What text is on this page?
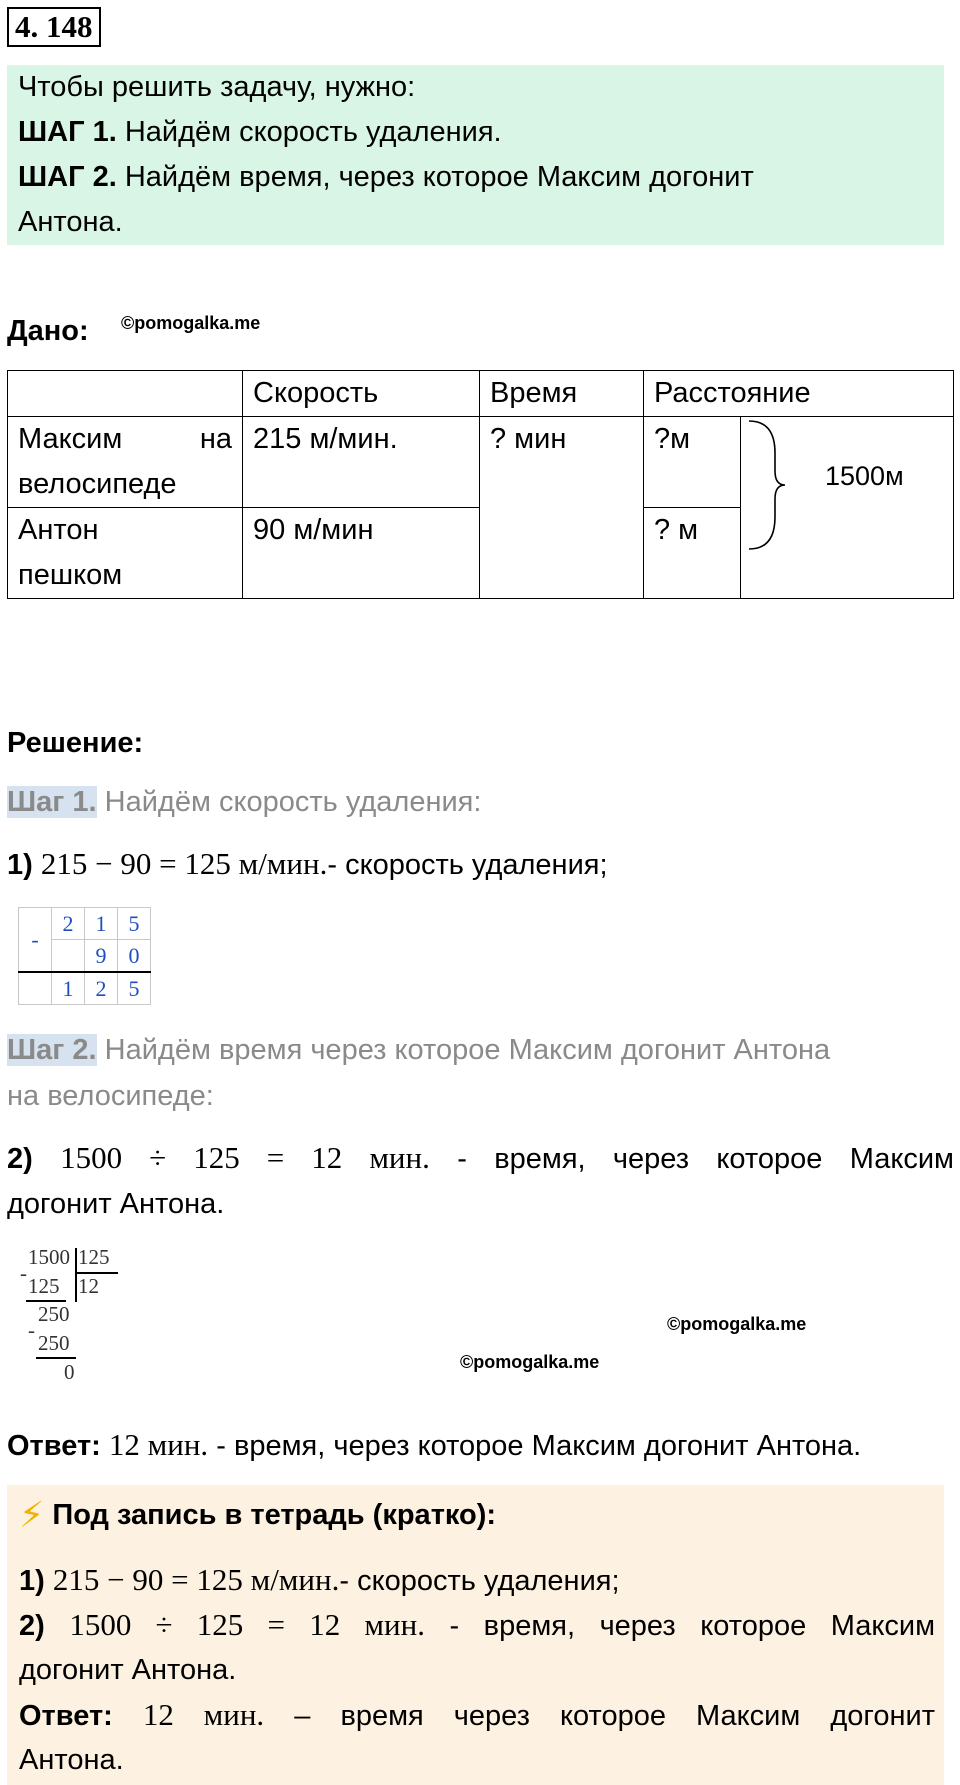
4. 148

Чтобы решить задачу, нужно:

ШАГ 1. Найдём скорость удаления.

ШАГ 2. Найдём время, через которое Максим догонит

Антона.

Дано: ©pomogalka.me
	Скорость	Время	Расстояние	

Максим на
велосипеде	215 м/мин.	? мин	?м	1500м

Антон
пешком	90 м/мин		? м	
Решение:
Шаг 1. Найдём скорость удаления:
1) 215 − 90 = 125 м/мин.- скорость удаления;
-	2	1	5
		9	0
	1	2	5
Шаг 2. Найдём время через которое Максим догонит Антона
на велосипеде:
2) 1500 ÷ 125 = 12 мин. - время, через которое Максим
догонит Антона.
1500 125
-
125 12
250
-
250
0
©pomogalka.me
©pomogalka.me
Ответ: 12 мин. - время, через которое Максим догонит Антона.
⚡ Под запись в тетрадь (кратко):
1) 215 − 90 = 125 м/мин.- скорость удаления;
2) 1500 ÷ 125 = 12 мин. - время, через которое Максим
догонит Антона.
Ответ: 12 мин. – время через которое Максим догонит
Антона.
